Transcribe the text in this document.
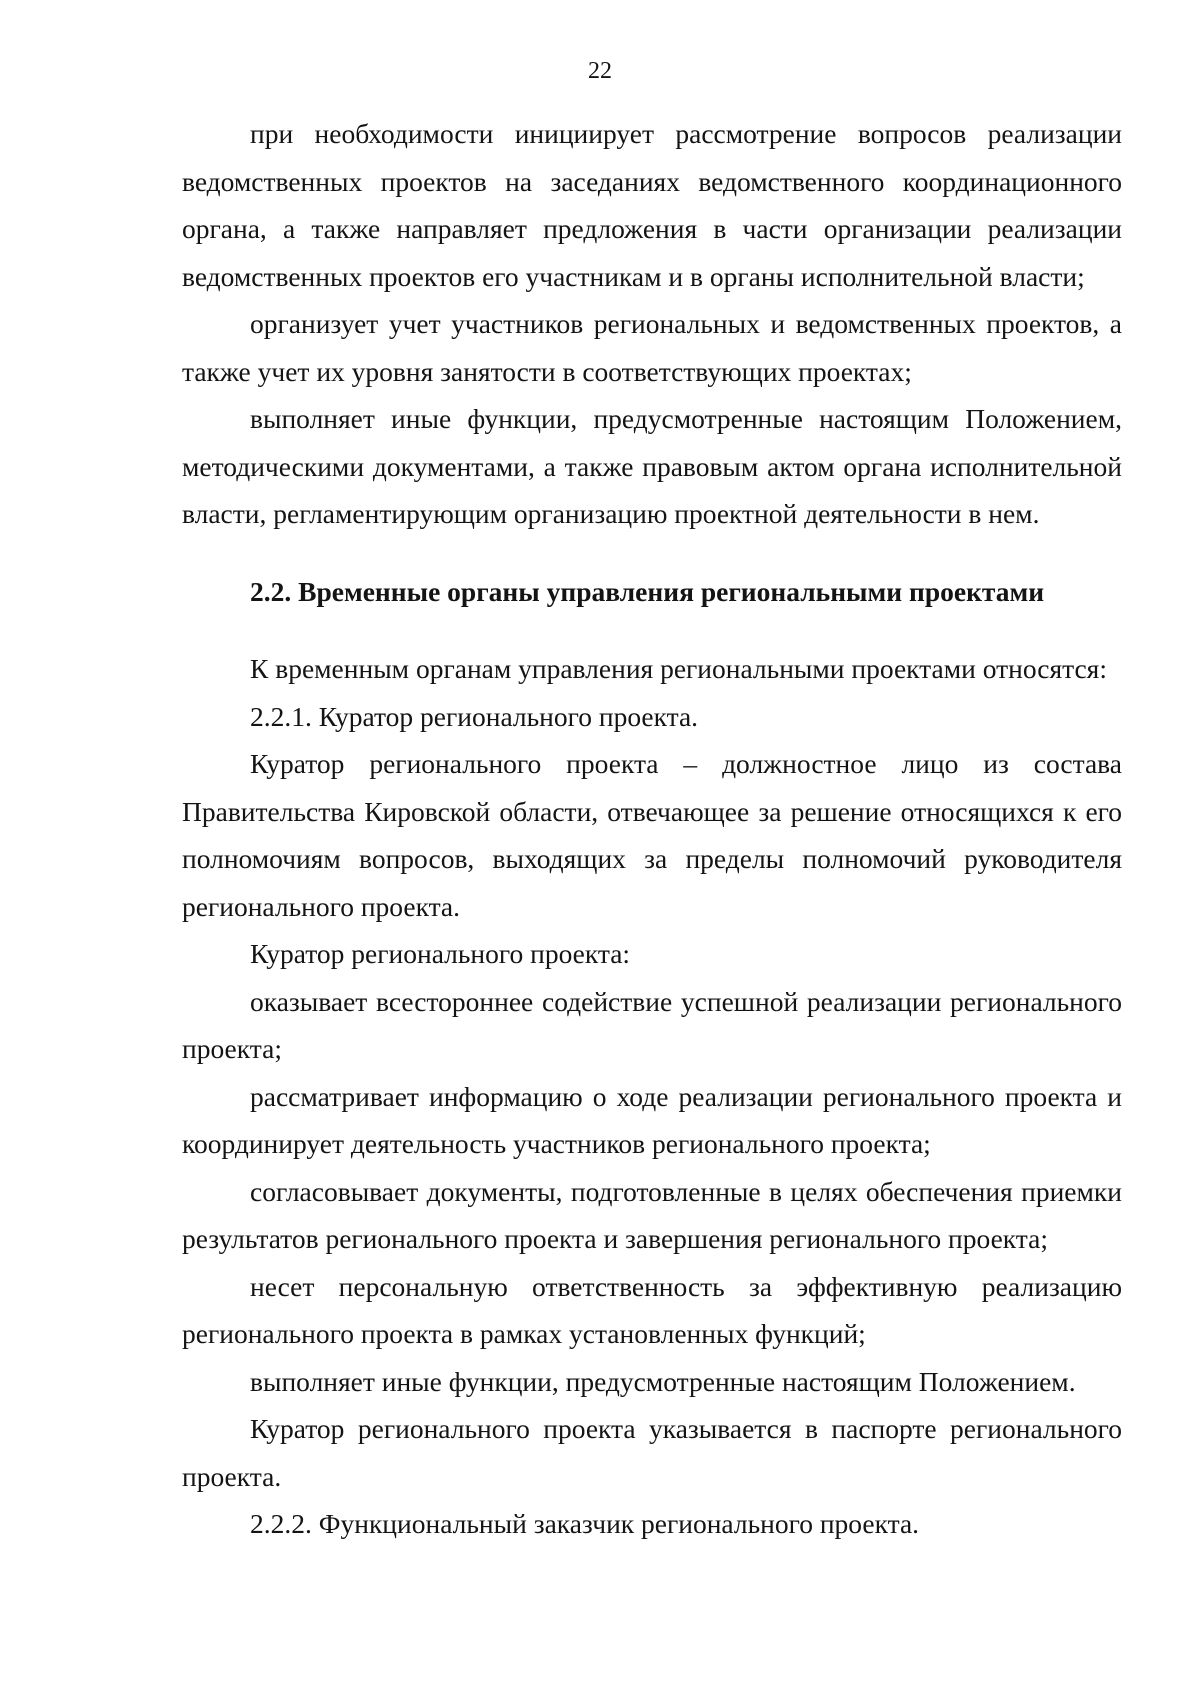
22

при необходимости инициирует рассмотрение вопросов реализации ведомственных проектов на заседаниях ведомственного координационного органа, а также направляет предложения в части организации реализации ведомственных проектов его участникам и в органы исполнительной власти;

организует учет участников региональных и ведомственных проектов, а также учет их уровня занятости в соответствующих проектах;

выполняет иные функции, предусмотренные настоящим Положением, методическими документами, а также правовым актом органа исполнительной власти, регламентирующим организацию проектной деятельности в нем.

2.2. Временные органы управления региональными проектами

К временным органам управления региональными проектами относятся:

2.2.1. Куратор регионального проекта.

Куратор регионального проекта – должностное лицо из состава Правительства Кировской области, отвечающее за решение относящихся к его полномочиям вопросов, выходящих за пределы полномочий руководителя регионального проекта.

Куратор регионального проекта:

оказывает всестороннее содействие успешной реализации регионального проекта;

рассматривает информацию о ходе реализации регионального проекта и координирует деятельность участников регионального проекта;

согласовывает документы, подготовленные в целях обеспечения приемки результатов регионального проекта и завершения регионального проекта;

несет персональную ответственность за эффективную реализацию регионального проекта в рамках установленных функций;

выполняет иные функции, предусмотренные настоящим Положением.

Куратор регионального проекта указывается в паспорте регионального проекта.

2.2.2. Функциональный заказчик регионального проекта.
